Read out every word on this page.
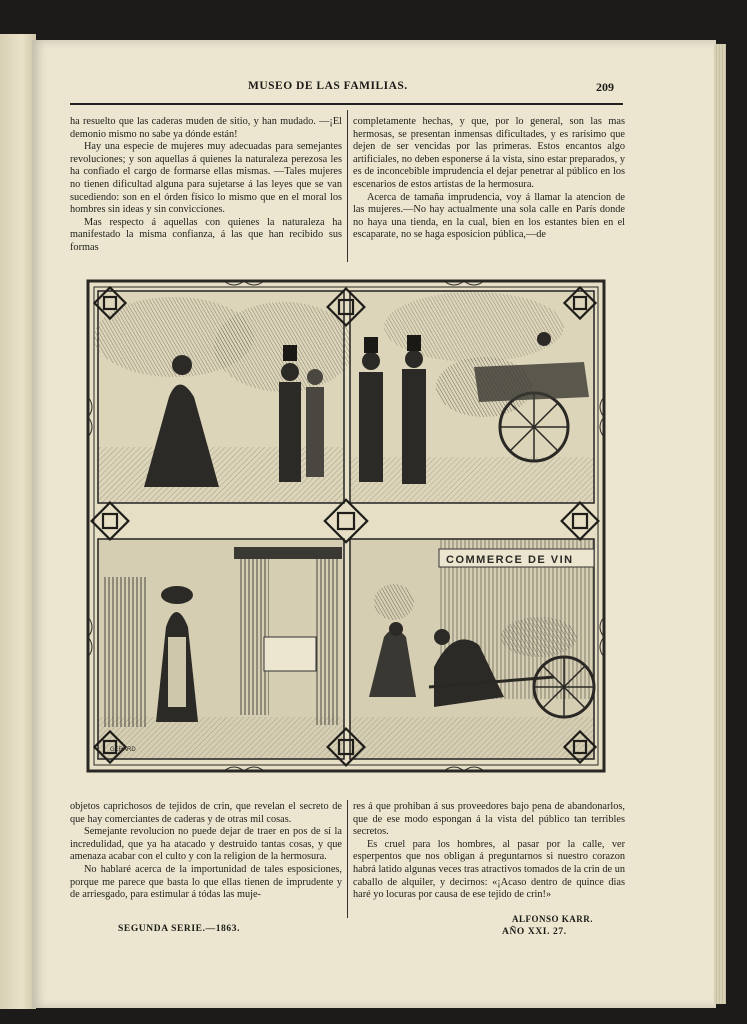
MUSEO DE LAS FAMILIAS.	209

ha resuelto que las caderas muden de sitio, y han mudado. —¡El demonio mismo no sabe ya dónde están!

Hay una especie de mujeres muy adecuadas para semejantes revoluciones; y son aquellas á quienes la naturaleza perezosa les ha confiado el cargo de formarse ellas mismas. —Tales mujeres no tienen dificultad alguna para sujetarse á las leyes que se van sucediendo: son en el órden físico lo mismo que en el moral los hombres sin ideas y sin convicciones.

Mas respecto á aquellas con quienes la naturaleza ha manifestado la misma confianza, á las que han recibido sus formas

completamente hechas, y que, por lo general, son las mas hermosas, se presentan inmensas dificultades, y es rarísimo que dejen de ser vencidas por las primeras. Estos encantos algo artificiales, no deben esponerse á la vista, sino estar preparados, y es de inconcebible imprudencia el dejar penetrar al público en los escenarios de estos artistas de la hermosura.

Acerca de tamaña imprudencia, voy á llamar la atencion de las mujeres.—No hay actualmente una sola calle en París donde no haya una tienda, en la cual, bien en los estantes bien en el escaparate, no se haga esposicion pública,—de

GERARD
COMMERCE DE VIN

objetos caprichosos de tejidos de crin, que revelan el secreto de que hay comerciantes de caderas y de otras mil cosas.

Semejante revolucion no puede dejar de traer en pos de sí la incredulidad, que ya ha atacado y destruido tantas cosas, y que amenaza acabar con el culto y con la religion de la hermosura.

No hablaré acerca de la importunidad de tales esposiciones, porque me parece que basta lo que ellas tienen de imprudente y de arriesgado, para estimular á tódas las muje-

res á que prohiban á sus proveedores bajo pena de abandonarlos, que de ese modo espongan á la vista del público tan terribles secretos.

Es cruel para los hombres, al pasar por la calle, ver esperpentos que nos obligan á preguntarnos si nuestro corazon habrá latido algunas veces tras atractivos tomados de la crin de un caballo de alquiler, y decirnos: «¡Acaso dentro de quince dias haré yo locuras por causa de ese tejido de crin!»

ALFONSO KARR.
SEGUNDA SERIE.—1863.	AÑO XXI. 27.
